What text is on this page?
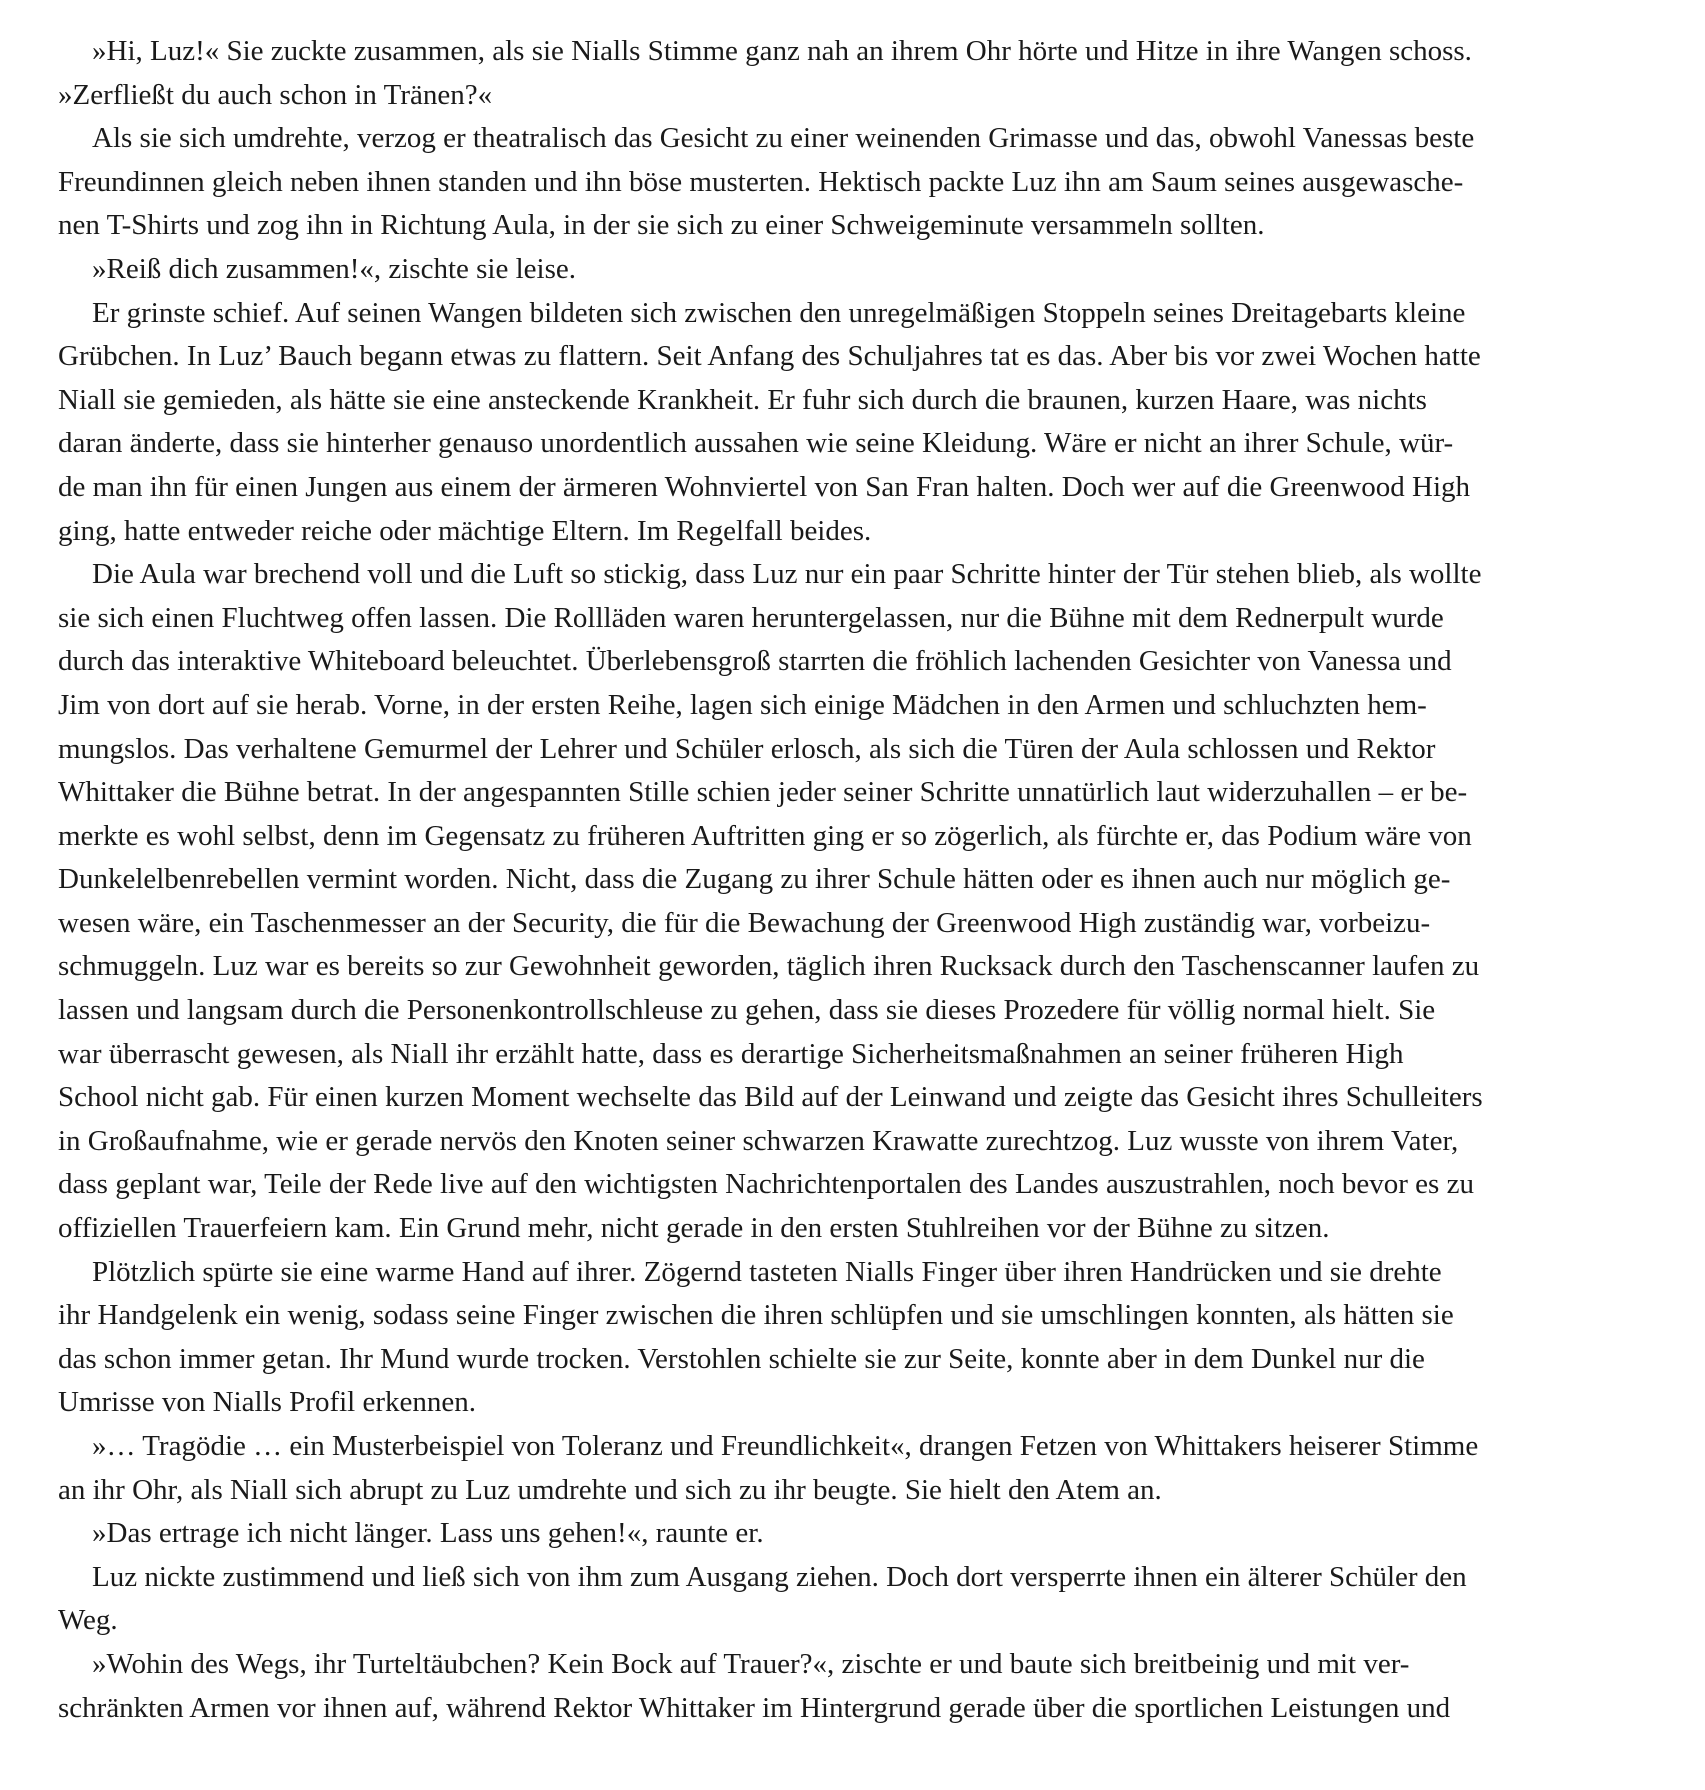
»Hi, Luz!« Sie zuckte zusammen, als sie Nialls Stimme ganz nah an ihrem Ohr hörte und Hitze in ihre Wangen schoss.
»Zerfließt du auch schon in Tränen?«
Als sie sich umdrehte, verzog er theatralisch das Gesicht zu einer weinenden Grimasse und das, obwohl Vanessas beste
Freundinnen gleich neben ihnen standen und ihn böse musterten. Hektisch packte Luz ihn am Saum seines ausgewasche-
nen T-Shirts und zog ihn in Richtung Aula, in der sie sich zu einer Schweigeminute versammeln sollten.
»Reiß dich zusammen!«, zischte sie leise.
Er grinste schief. Auf seinen Wangen bildeten sich zwischen den unregelmäßigen Stoppeln seines Dreitagebarts kleine
Grübchen. In Luz’ Bauch begann etwas zu flattern. Seit Anfang des Schuljahres tat es das. Aber bis vor zwei Wochen hatte
Niall sie gemieden, als hätte sie eine ansteckende Krankheit. Er fuhr sich durch die braunen, kurzen Haare, was nichts
daran änderte, dass sie hinterher genauso unordentlich aussahen wie seine Kleidung. Wäre er nicht an ihrer Schule, wür-
de man ihn für einen Jungen aus einem der ärmeren Wohnviertel von San Fran halten. Doch wer auf die Greenwood High
ging, hatte entweder reiche oder mächtige Eltern. Im Regelfall beides.
Die Aula war brechend voll und die Luft so stickig, dass Luz nur ein paar Schritte hinter der Tür stehen blieb, als wollte
sie sich einen Fluchtweg offen lassen. Die Rollläden waren heruntergelassen, nur die Bühne mit dem Rednerpult wurde
durch das interaktive Whiteboard beleuchtet. Überlebensgroß starrten die fröhlich lachenden Gesichter von Vanessa und
Jim von dort auf sie herab. Vorne, in der ersten Reihe, lagen sich einige Mädchen in den Armen und schluchzten hem-
mungslos. Das verhaltene Gemurmel der Lehrer und Schüler erlosch, als sich die Türen der Aula schlossen und Rektor
Whittaker die Bühne betrat. In der angespannten Stille schien jeder seiner Schritte unnatürlich laut widerzuhallen – er be-
merkte es wohl selbst, denn im Gegensatz zu früheren Auftritten ging er so zögerlich, als fürchte er, das Podium wäre von
Dunkelelbenrebellen vermint worden. Nicht, dass die Zugang zu ihrer Schule hätten oder es ihnen auch nur möglich ge-
wesen wäre, ein Taschenmesser an der Security, die für die Bewachung der Greenwood High zuständig war, vorbeizu-
schmuggeln. Luz war es bereits so zur Gewohnheit geworden, täglich ihren Rucksack durch den Taschenscanner laufen zu
lassen und langsam durch die Personenkontrollschleuse zu gehen, dass sie dieses Prozedere für völlig normal hielt. Sie
war überrascht gewesen, als Niall ihr erzählt hatte, dass es derartige Sicherheitsmaßnahmen an seiner früheren High
School nicht gab. Für einen kurzen Moment wechselte das Bild auf der Leinwand und zeigte das Gesicht ihres Schulleiters
in Großaufnahme, wie er gerade nervös den Knoten seiner schwarzen Krawatte zurechtzog. Luz wusste von ihrem Vater,
dass geplant war, Teile der Rede live auf den wichtigsten Nachrichtenportalen des Landes auszustrahlen, noch bevor es zu
offiziellen Trauerfeiern kam. Ein Grund mehr, nicht gerade in den ersten Stuhlreihen vor der Bühne zu sitzen.
Plötzlich spürte sie eine warme Hand auf ihrer. Zögernd tasteten Nialls Finger über ihren Handrücken und sie drehte
ihr Handgelenk ein wenig, sodass seine Finger zwischen die ihren schlüpfen und sie umschlingen konnten, als hätten sie
das schon immer getan. Ihr Mund wurde trocken. Verstohlen schielte sie zur Seite, konnte aber in dem Dunkel nur die
Umrisse von Nialls Profil erkennen.
»… Tragödie … ein Musterbeispiel von Toleranz und Freundlichkeit«, drangen Fetzen von Whittakers heiserer Stimme
an ihr Ohr, als Niall sich abrupt zu Luz umdrehte und sich zu ihr beugte. Sie hielt den Atem an.
»Das ertrage ich nicht länger. Lass uns gehen!«, raunte er.
Luz nickte zustimmend und ließ sich von ihm zum Ausgang ziehen. Doch dort versperrte ihnen ein älterer Schüler den
Weg.
»Wohin des Wegs, ihr Turteltäubchen? Kein Bock auf Trauer?«, zischte er und baute sich breitbeinig und mit ver-
schränkten Armen vor ihnen auf, während Rektor Whittaker im Hintergrund gerade über die sportlichen Leistungen und
